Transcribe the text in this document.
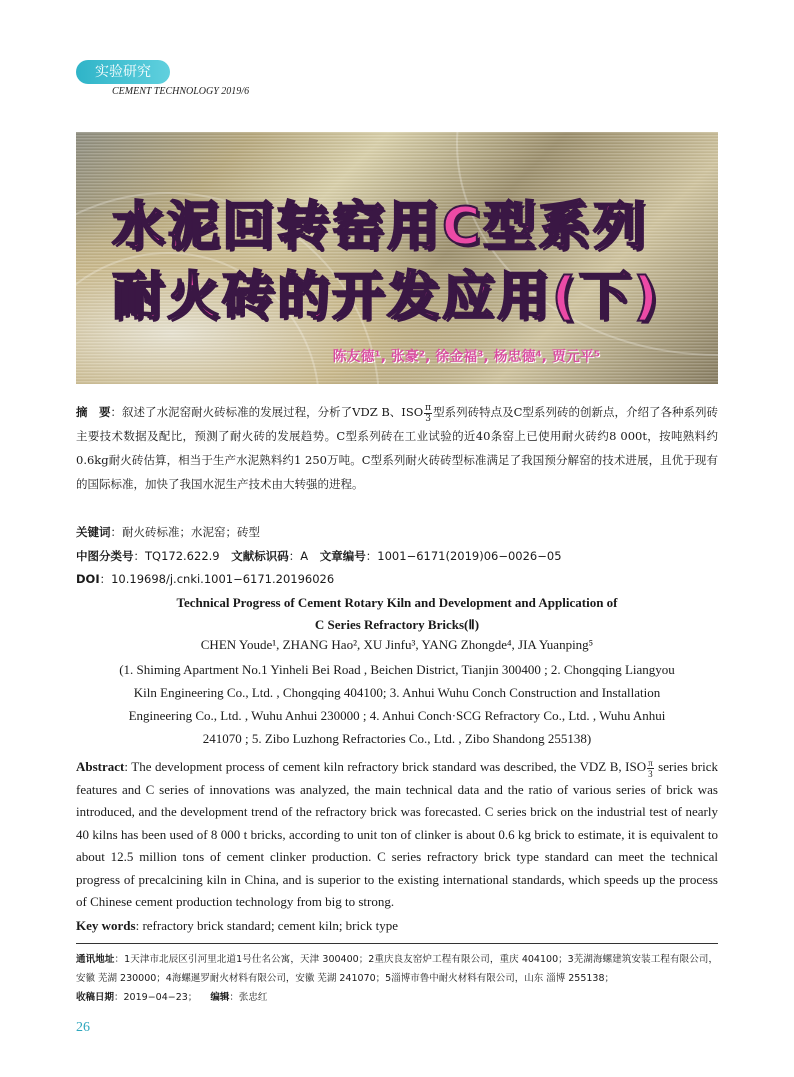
实验研究
CEMENT TECHNOLOGY 2019/6
水泥回转窑用C型系列
耐火砖的开发应用(下)
陈友德¹, 张豪², 徐金福³, 杨忠德⁴, 贾元平⁵
摘　要：叙述了水泥窑耐火砖标准的发展过程，分析了VDZ B、ISO $\frac{\pi}{3}$ 型系列砖特点及C型系列砖的创新点，介绍了各种系列砖主要技术数据及配比，预测了耐火砖的发展趋势。C型系列砖在工业试验的近40条窑上已使用耐火砖约8 000t，按吨熟料约0.6kg耐火砖估算，相当于生产水泥熟料约1 250万吨。C型系列耐火砖砖型标准满足了我国预分解窑的技术进展，且优于现有的国际标准，加快了我国水泥生产技术由大转强的进程。
关键词：耐火砖标准；水泥窑；砖型
中图分类号：TQ172.622.9 文献标识码：A 文章编号：1001−6171(2019)06−0026−05
DOI：10.19698/j.cnki.1001−6171.20196026
Technical Progress of Cement Rotary Kiln and Development and Application of
C Series Refractory Bricks(Ⅱ)
CHEN Youde¹, ZHANG Hao², XU Jinfu³, YANG Zhongde⁴, JIA Yuanping⁵
(1. Shiming Apartment No.1 Yinheli Bei Road , Beichen District, Tianjin 300400 ; 2. Chongqing Liangyou
Kiln Engineering Co., Ltd. , Chongqing 404100; 3. Anhui Wuhu Conch Construction and Installation
Engineering Co., Ltd. , Wuhu Anhui 230000 ; 4. Anhui Conch·SCG Refractory Co., Ltd. , Wuhu Anhui
241070 ; 5. Zibo Luzhong Refractories Co., Ltd. , Zibo Shandong 255138)
Abstract: The development process of cement kiln refractory brick standard was described, the VDZ B, ISO $\frac{\pi}{3}$ series brick features and C series of innovations was analyzed, the main technical data and the ratio of various series of brick was introduced, and the development trend of the refractory brick was forecasted. C series brick on the industrial test of nearly 40 kilns has been used of 8 000 t bricks, according to unit ton of clinker is about 0.6 kg brick to estimate, it is equivalent to about 12.5 million tons of cement clinker production. C series refractory brick type standard can meet the technical progress of precalcining kiln in China, and is superior to the existing international standards, which speeds up the process of Chinese cement production technology from big to strong.
Key words: refractory brick standard; cement kiln; brick type
通讯地址：1天津市北辰区引河里北道1号仕名公寓，天津 300400；2重庆良友窑炉工程有限公司，重庆 404100；3芜湖海螺建筑安装工程有限公司，安徽 芜湖 230000；4海螺暹罗耐火材料有限公司，安徽 芜湖 241070；5淄博市鲁中耐火材料有限公司，山东 淄博 255138；
收稿日期：2019−04−23； 编辑：张忠红
26
